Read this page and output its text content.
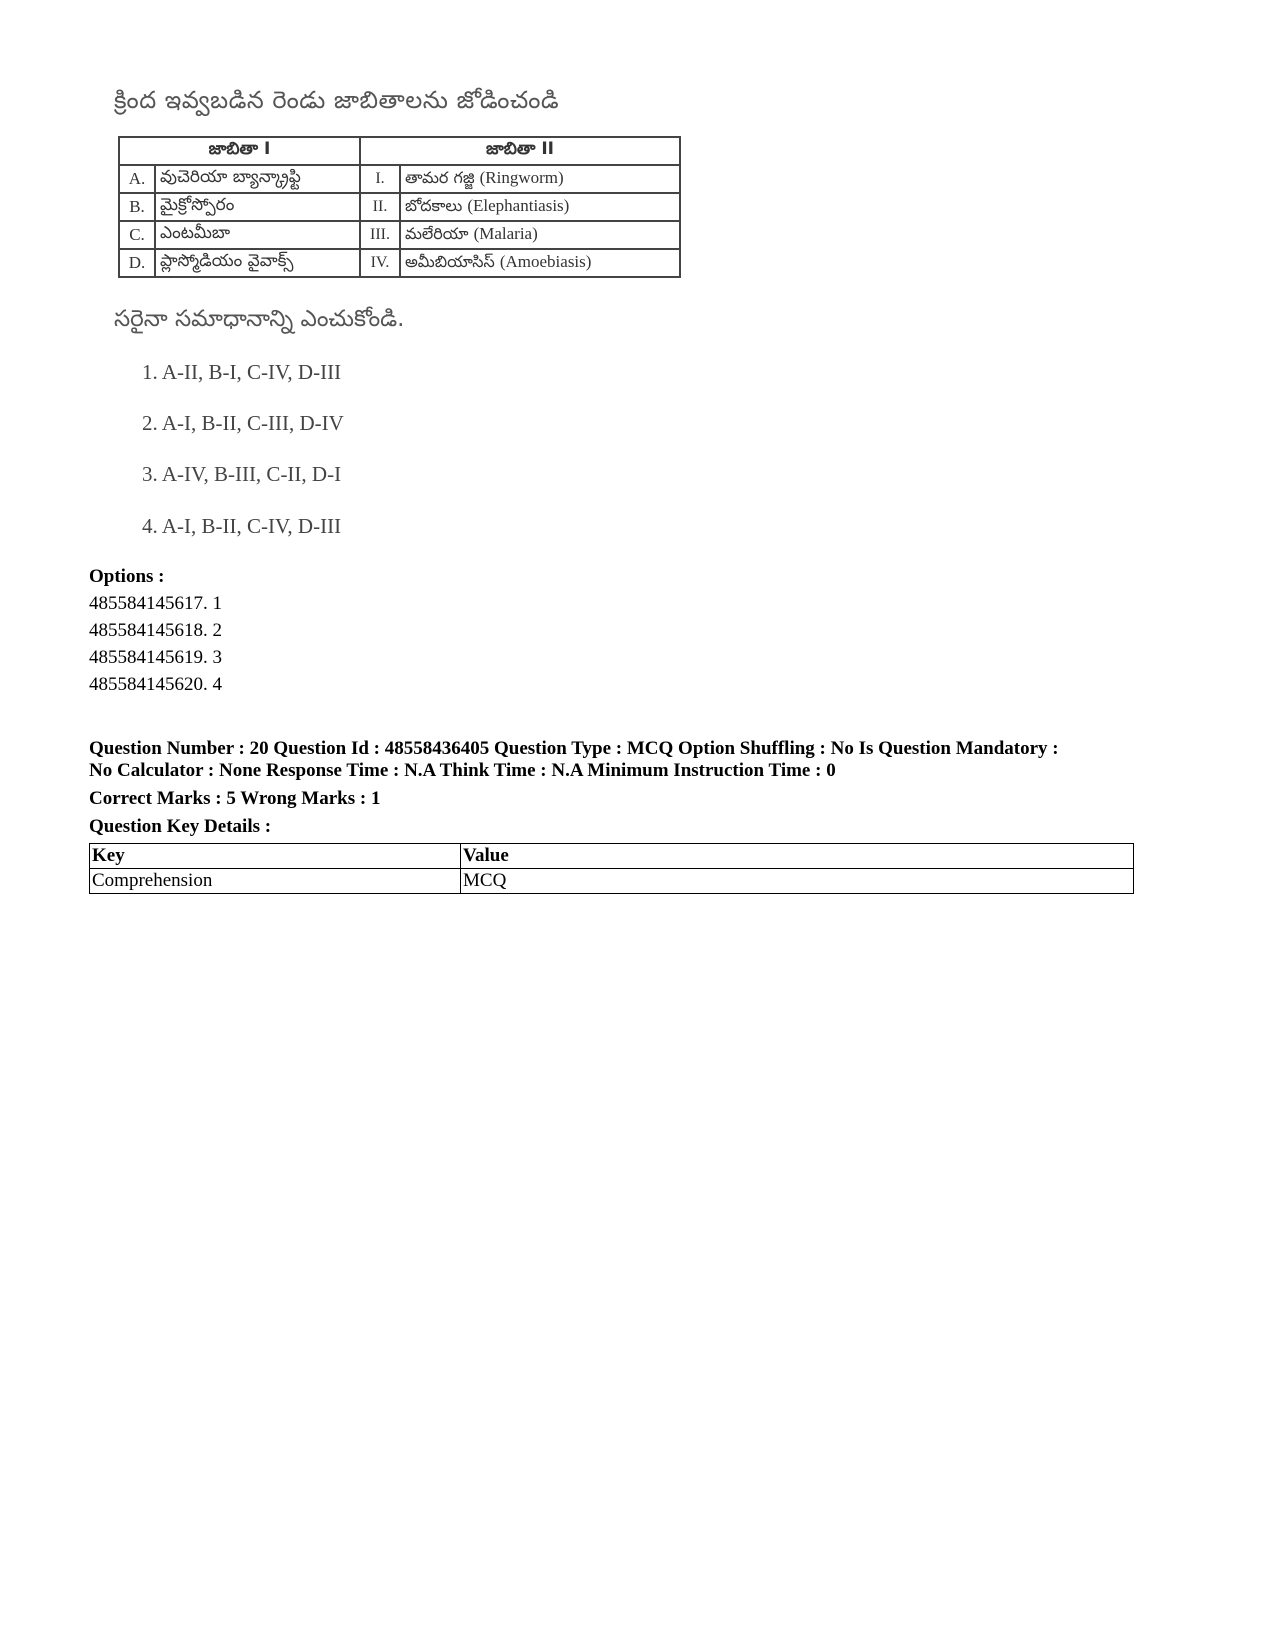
క్రింద ఇవ్వబడిన రెండు జాబితాలను జోడించండి
జాబితా I		జాబితా II	
A.	వుచెరియా బ్యాన్క్రాఫ్టి	I.	తామర గజ్జి (Ringworm)
B.	మైక్రోస్పోరం	II.	బోదకాలు (Elephantiasis)
C.	ఎంటమీబా	III.	మలేరియా (Malaria)
D.	ప్లాస్మోడియం వైవాక్స్	IV.	అమీబియాసిస్ (Amoebiasis)
సరైనా సమాధానాన్ని ఎంచుకోండి.
1. A-II, B-I, C-IV, D-III
2. A-I, B-II, C-III, D-IV
3. A-IV, B-III, C-II, D-I
4. A-I, B-II, C-IV, D-III
Options :
485584145617. 1
485584145618. 2
485584145619. 3
485584145620. 4
Question Number : 20 Question Id : 48558436405 Question Type : MCQ Option Shuffling : No Is Question Mandatory :
No Calculator : None Response Time : N.A Think Time : N.A Minimum Instruction Time : 0
Correct Marks : 5 Wrong Marks : 1
Question Key Details :
Key	Value
Comprehension	MCQ
